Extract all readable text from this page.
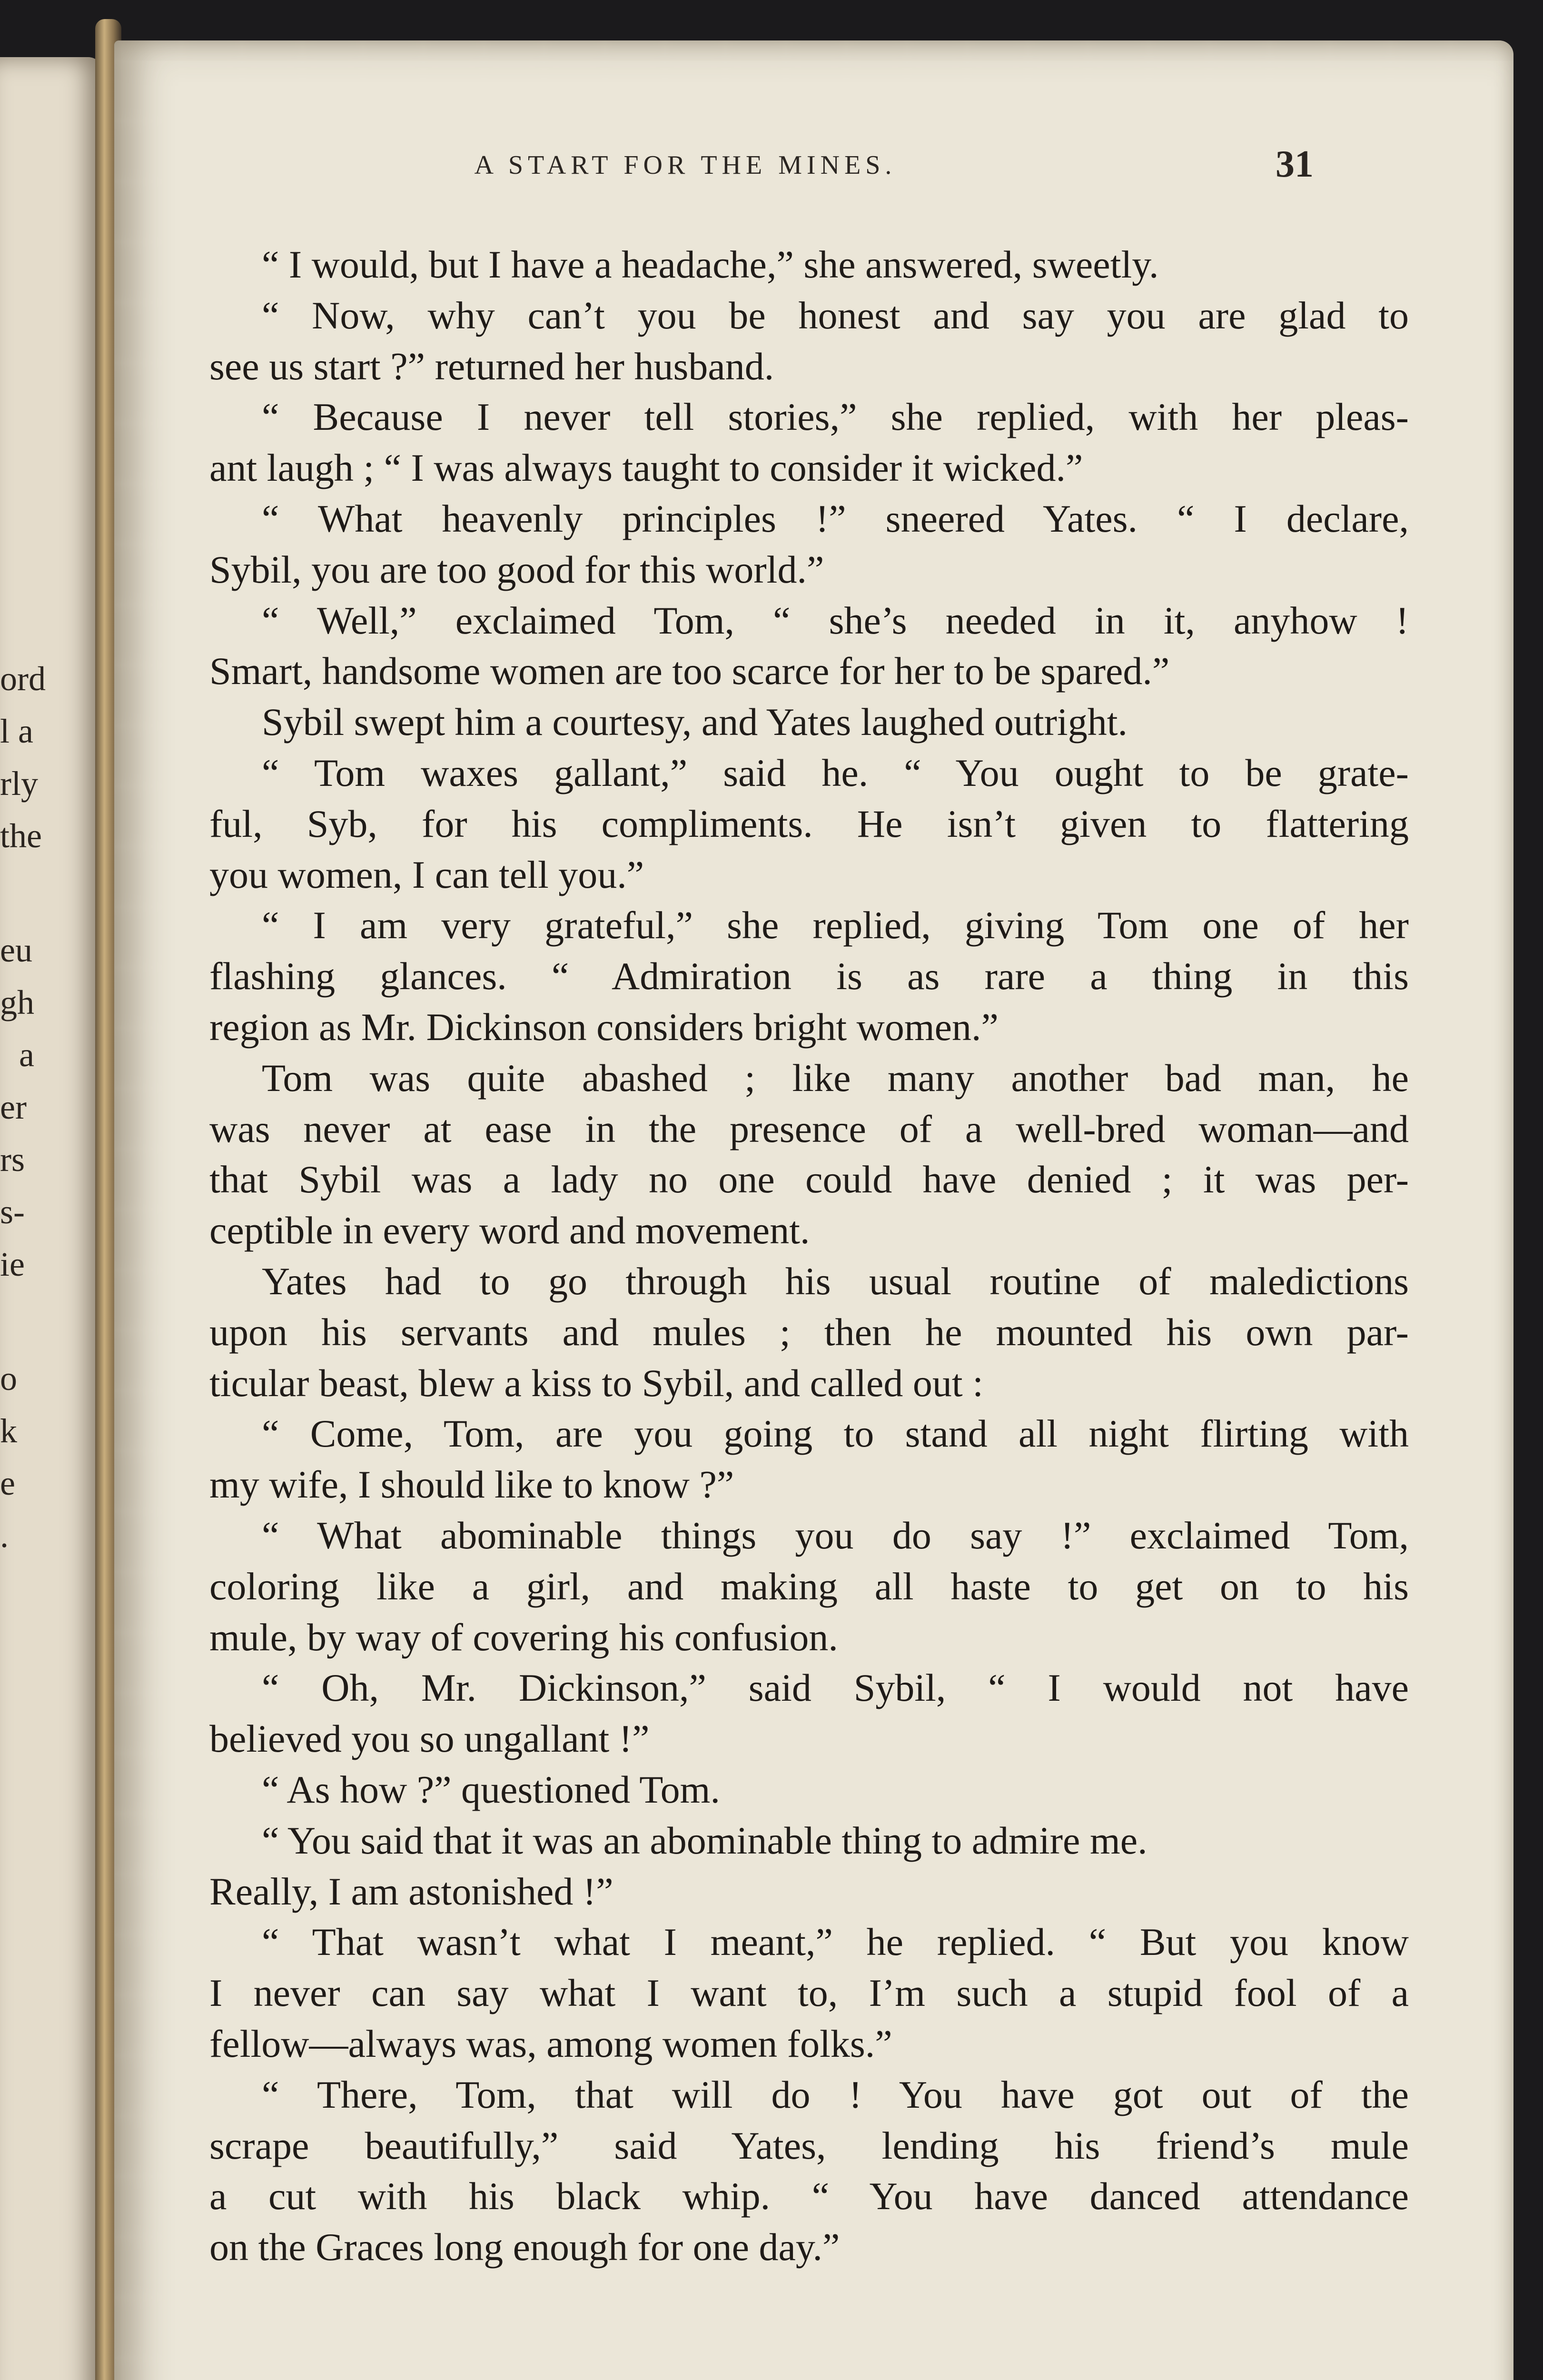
ord
l a
rly
the
eu
gh
a
er
rs
s-
ie
o
k
e
.
A START FOR THE MINES.	31
“ I would, but I have a headache,” she answered, sweetly.
“ Now, why can’t you be honest and say you are glad to
see us start ?” returned her husband.
“ Because I never tell stories,” she replied, with her pleas-
ant laugh ; “ I was always taught to consider it wicked.”
“ What heavenly principles !” sneered Yates. “ I declare,
Sybil, you are too good for this world.”
“ Well,” exclaimed Tom, “ she’s needed in it, anyhow !
Smart, handsome women are too scarce for her to be spared.”
Sybil swept him a courtesy, and Yates laughed outright.
“ Tom waxes gallant,” said he. “ You ought to be grate-
ful, Syb, for his compliments. He isn’t given to flattering
you women, I can tell you.”
“ I am very grateful,” she replied, giving Tom one of her
flashing glances. “ Admiration is as rare a thing in this
region as Mr. Dickinson considers bright women.”
Tom was quite abashed ; like many another bad man, he
was never at ease in the presence of a well-bred woman—and
that Sybil was a lady no one could have denied ; it was per-
ceptible in every word and movement.
Yates had to go through his usual routine of maledictions
upon his servants and mules ; then he mounted his own par-
ticular beast, blew a kiss to Sybil, and called out :
“ Come, Tom, are you going to stand all night flirting with
my wife, I should like to know ?”
“ What abominable things you do say !” exclaimed Tom,
coloring like a girl, and making all haste to get on to his
mule, by way of covering his confusion.
“ Oh, Mr. Dickinson,” said Sybil, “ I would not have
believed you so ungallant !”
“ As how ?” questioned Tom.
“ You said that it was an abominable thing to admire me.
Really, I am astonished !”
“ That wasn’t what I meant,” he replied. “ But you know
I never can say what I want to, I’m such a stupid fool of a
fellow—always was, among women folks.”
“ There, Tom, that will do ! You have got out of the
scrape beautifully,” said Yates, lending his friend’s mule
a cut with his black whip. “ You have danced attendance
on the Graces long enough for one day.”
